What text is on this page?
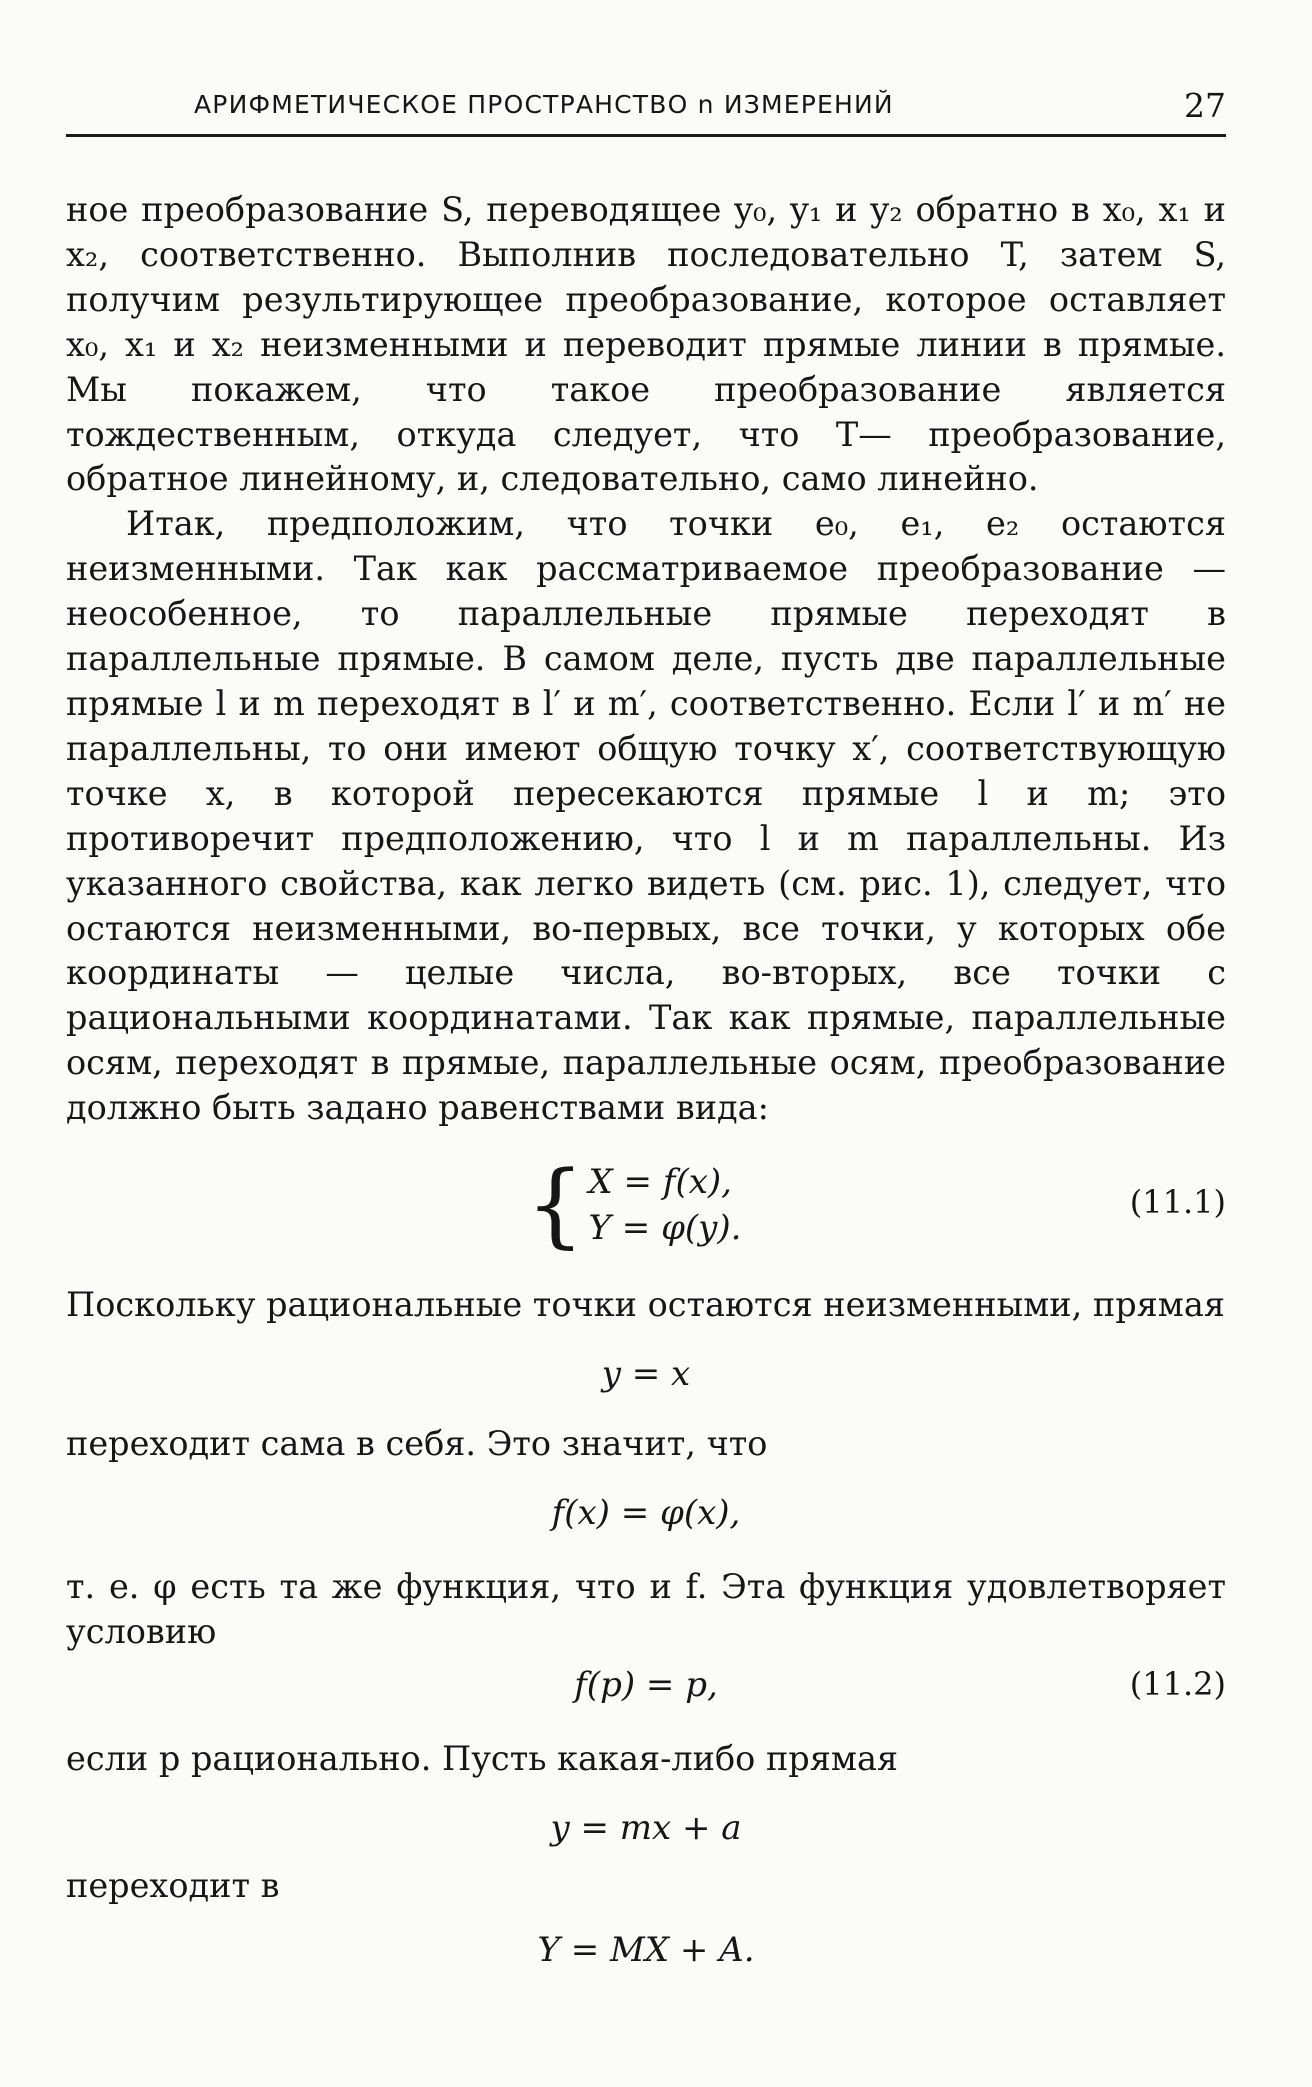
АРИФМЕТИЧЕСКОЕ ПРОСТРАНСТВО n ИЗМЕРЕНИЙ	27

ное преобразование S, переводящее y₀, y₁ и y₂ обратно в x₀, x₁ и x₂, соответственно. Выполнив последовательно T, затем S, получим результирующее преобразование, которое оставляет x₀, x₁ и x₂ неизменными и переводит прямые линии в прямые. Мы покажем, что такое преобразование является тождественным, откуда следует, что T— преобразование, обратное линейному, и, следовательно, само линейно.

Итак, предположим, что точки e₀, e₁, e₂ остаются неизменными. Так как рассматриваемое преобразование — неособенное, то параллельные прямые переходят в параллельные прямые. В самом деле, пусть две параллельные прямые l и m переходят в l′ и m′, соответственно. Если l′ и m′ не параллельны, то они имеют общую точку x′, соответствующую точке x, в которой пересекаются прямые l и m; это противоречит предположению, что l и m параллельны. Из указанного свойства, как легко видеть (см. рис. 1), следует, что остаются неизменными, во-первых, все точки, у которых обе координаты — целые числа, во-вторых, все точки с рациональными координатами. Так как прямые, параллельные осям, переходят в прямые, параллельные осям, преобразование должно быть задано равенствами вида:

{ X = f(x),
Y = φ(y).
(11.1)

Поскольку рациональные точки остаются неизменными, прямая

y = x

переходит сама в себя. Это значит, что

f(x) = φ(x),

т. е. φ есть та же функция, что и f. Эта функция удовлетворяет условию

f(p) = p,	(11.2)

если p рационально. Пусть какая-либо прямая

y = mx + a

переходит в

Y = MX + A.
